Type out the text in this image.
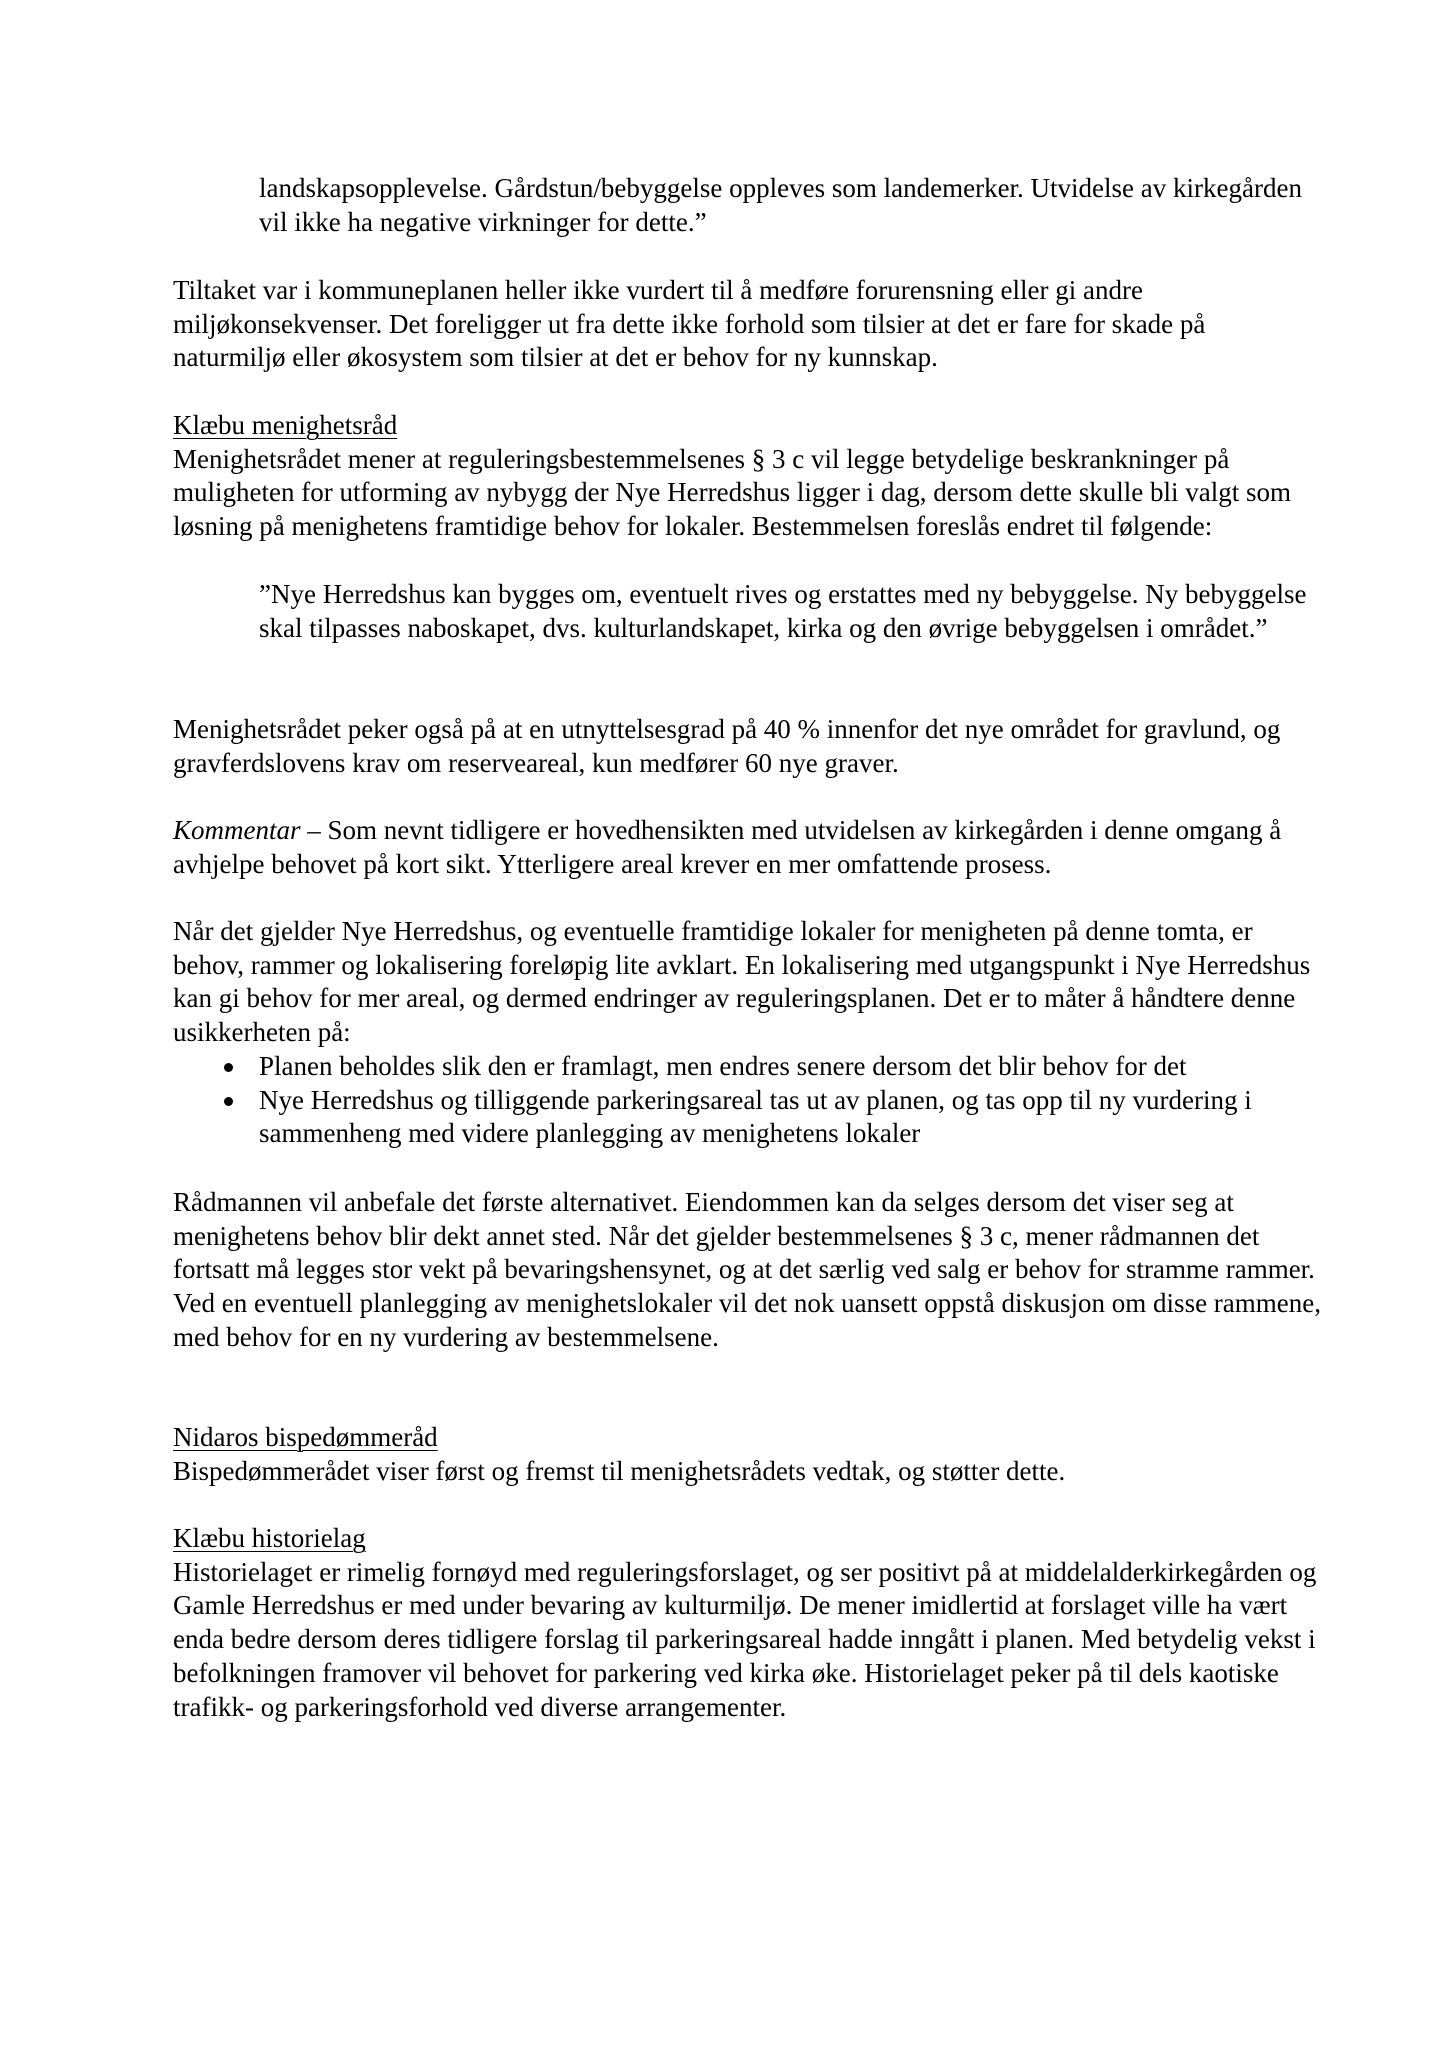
landskapsopplevelse. Gårdstun/bebyggelse oppleves som landemerker. Utvidelse av kirkegården vil ikke ha negative virkninger for dette.”

Tiltaket var i kommuneplanen heller ikke vurdert til å medføre forurensning eller gi andre miljøkonsekvenser. Det foreligger ut fra dette ikke forhold som tilsier at det er fare for skade på naturmiljø eller økosystem som tilsier at det er behov for ny kunnskap.

Klæbu menighetsråd

Menighetsrådet mener at reguleringsbestemmelsenes § 3 c vil legge betydelige beskrankninger på muligheten for utforming av nybygg der Nye Herredshus ligger i dag, dersom dette skulle bli valgt som løsning på menighetens framtidige behov for lokaler. Bestemmelsen foreslås endret til følgende:

”Nye Herredshus kan bygges om, eventuelt rives og erstattes med ny bebyggelse. Ny bebyggelse skal tilpasses naboskapet, dvs. kulturlandskapet, kirka og den øvrige bebyggelsen i området.”

Menighetsrådet peker også på at en utnyttelsesgrad på 40 % innenfor det nye området for gravlund, og gravferdslovens krav om reserveareal, kun medfører 60 nye graver.

Kommentar – Som nevnt tidligere er hovedhensikten med utvidelsen av kirkegården i denne omgang å avhjelpe behovet på kort sikt. Ytterligere areal krever en mer omfattende prosess.

Når det gjelder Nye Herredshus, og eventuelle framtidige lokaler for menigheten på denne tomta, er behov, rammer og lokalisering foreløpig lite avklart. En lokalisering med utgangspunkt i Nye Herredshus kan gi behov for mer areal, og dermed endringer av reguleringsplanen. Det er to måter å håndtere denne usikkerheten på:

Planen beholdes slik den er framlagt, men endres senere dersom det blir behov for det
Nye Herredshus og tilliggende parkeringsareal tas ut av planen, og tas opp til ny vurdering i sammenheng med videre planlegging av menighetens lokaler

Rådmannen vil anbefale det første alternativet. Eiendommen kan da selges dersom det viser seg at menighetens behov blir dekt annet sted. Når det gjelder bestemmelsenes § 3 c, mener rådmannen det fortsatt må legges stor vekt på bevaringshensynet, og at det særlig ved salg er behov for stramme rammer. Ved en eventuell planlegging av menighetslokaler vil det nok uansett oppstå diskusjon om disse rammene, med behov for en ny vurdering av bestemmelsene.

Nidaros bispedømmeråd

Bispedømmerådet viser først og fremst til menighetsrådets vedtak, og støtter dette.

Klæbu historielag

Historielaget er rimelig fornøyd med reguleringsforslaget, og ser positivt på at middelalderkirkegården og Gamle Herredshus er med under bevaring av kulturmiljø. De mener imidlertid at forslaget ville ha vært enda bedre dersom deres tidligere forslag til parkeringsareal hadde inngått i planen. Med betydelig vekst i befolkningen framover vil behovet for parkering ved kirka øke. Historielaget peker på til dels kaotiske trafikk- og parkeringsforhold ved diverse arrangementer.
